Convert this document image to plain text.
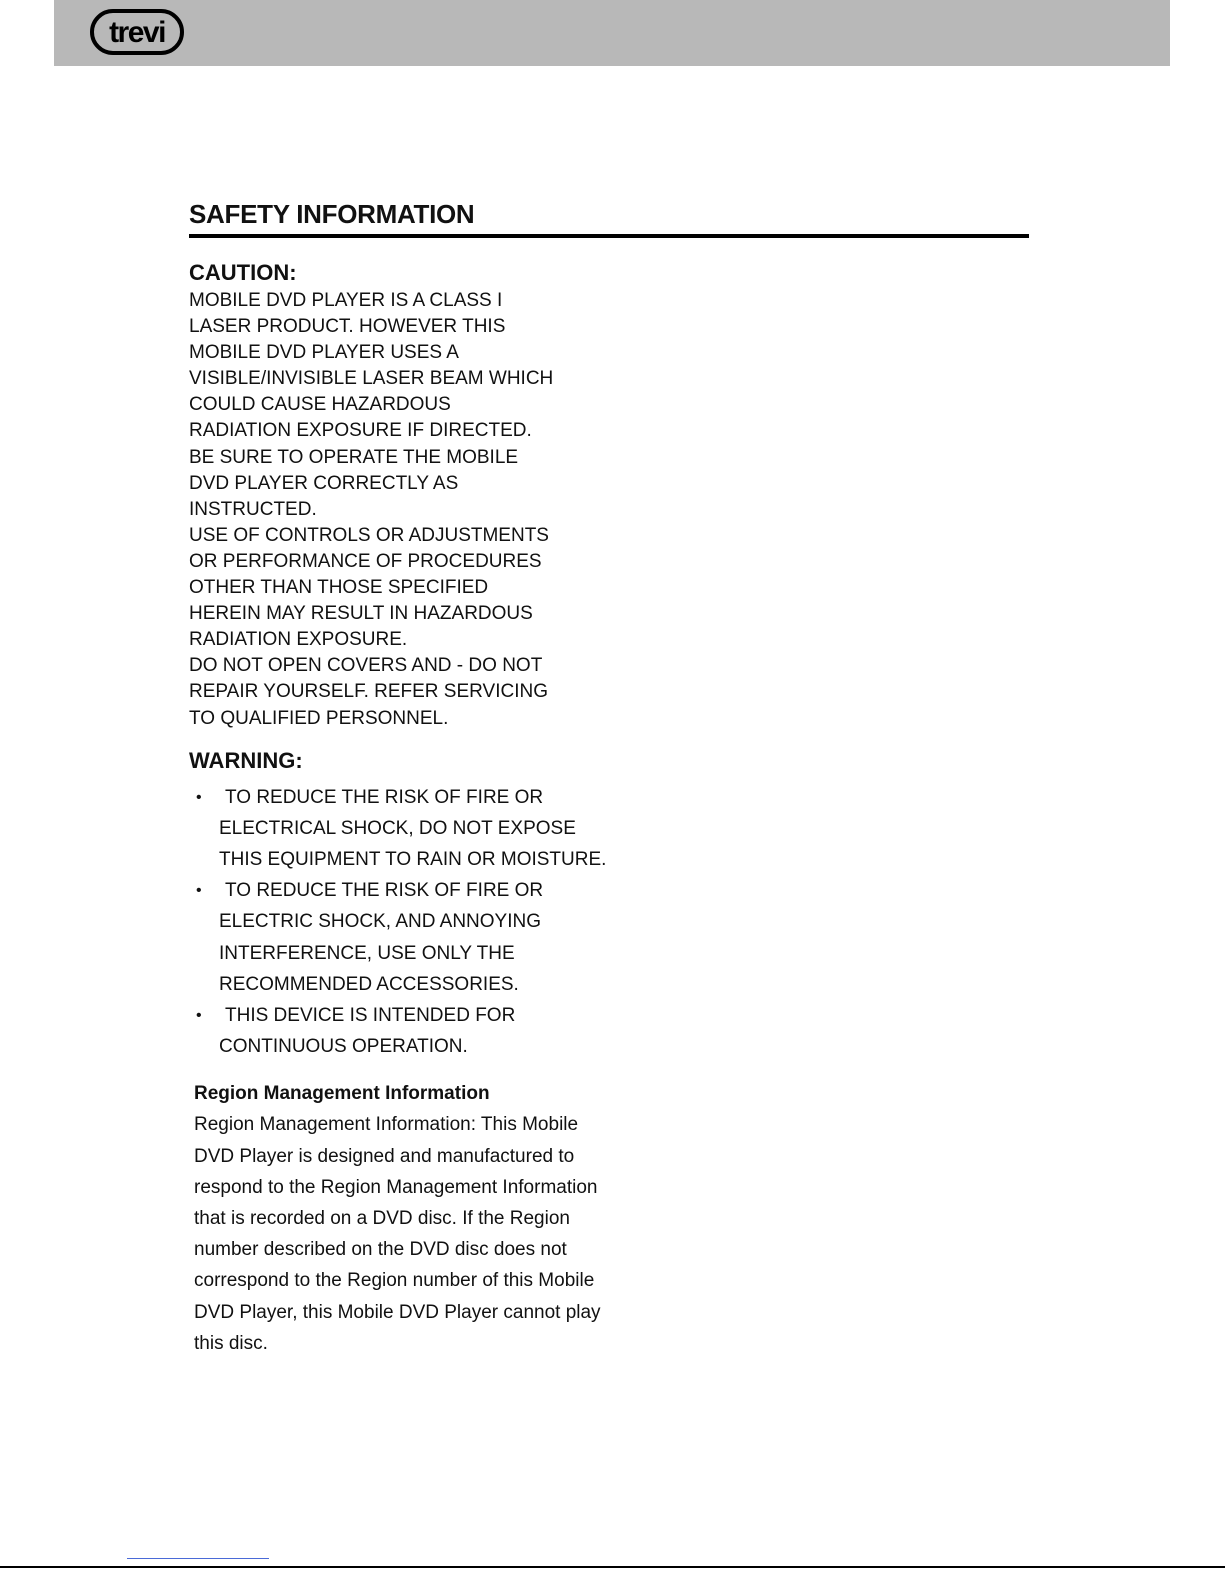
trevi
SAFETY INFORMATION
CAUTION:

MOBILE DVD PLAYER IS A CLASS I
LASER PRODUCT. HOWEVER THIS
MOBILE DVD PLAYER USES A
VISIBLE/INVISIBLE LASER BEAM WHICH
COULD CAUSE HAZARDOUS
RADIATION EXPOSURE IF DIRECTED.
BE SURE TO OPERATE THE MOBILE
DVD PLAYER CORRECTLY AS
INSTRUCTED.
USE OF CONTROLS OR ADJUSTMENTS
OR PERFORMANCE OF PROCEDURES
OTHER THAN THOSE SPECIFIED
HEREIN MAY RESULT IN HAZARDOUS
RADIATION EXPOSURE.
DO NOT OPEN COVERS AND - DO NOT
REPAIR YOURSELF. REFER SERVICING
TO QUALIFIED PERSONNEL.

WARNING:
• TO REDUCE THE RISK OF FIRE OR ELECTRICAL SHOCK, DO NOT EXPOSE THIS EQUIPMENT TO RAIN OR MOISTURE.
• TO REDUCE THE RISK OF FIRE OR ELECTRIC SHOCK, AND ANNOYING INTERFERENCE, USE ONLY THE RECOMMENDED ACCESSORIES.
• THIS DEVICE IS INTENDED FOR CONTINUOUS OPERATION.
Region Management Information

Region Management Information: This Mobile DVD Player is designed and manufactured to respond to the Region Management Information that is recorded on a DVD disc. If the Region number described on the DVD disc does not correspond to the Region number of this Mobile DVD Player, this Mobile DVD Player cannot play this disc.
